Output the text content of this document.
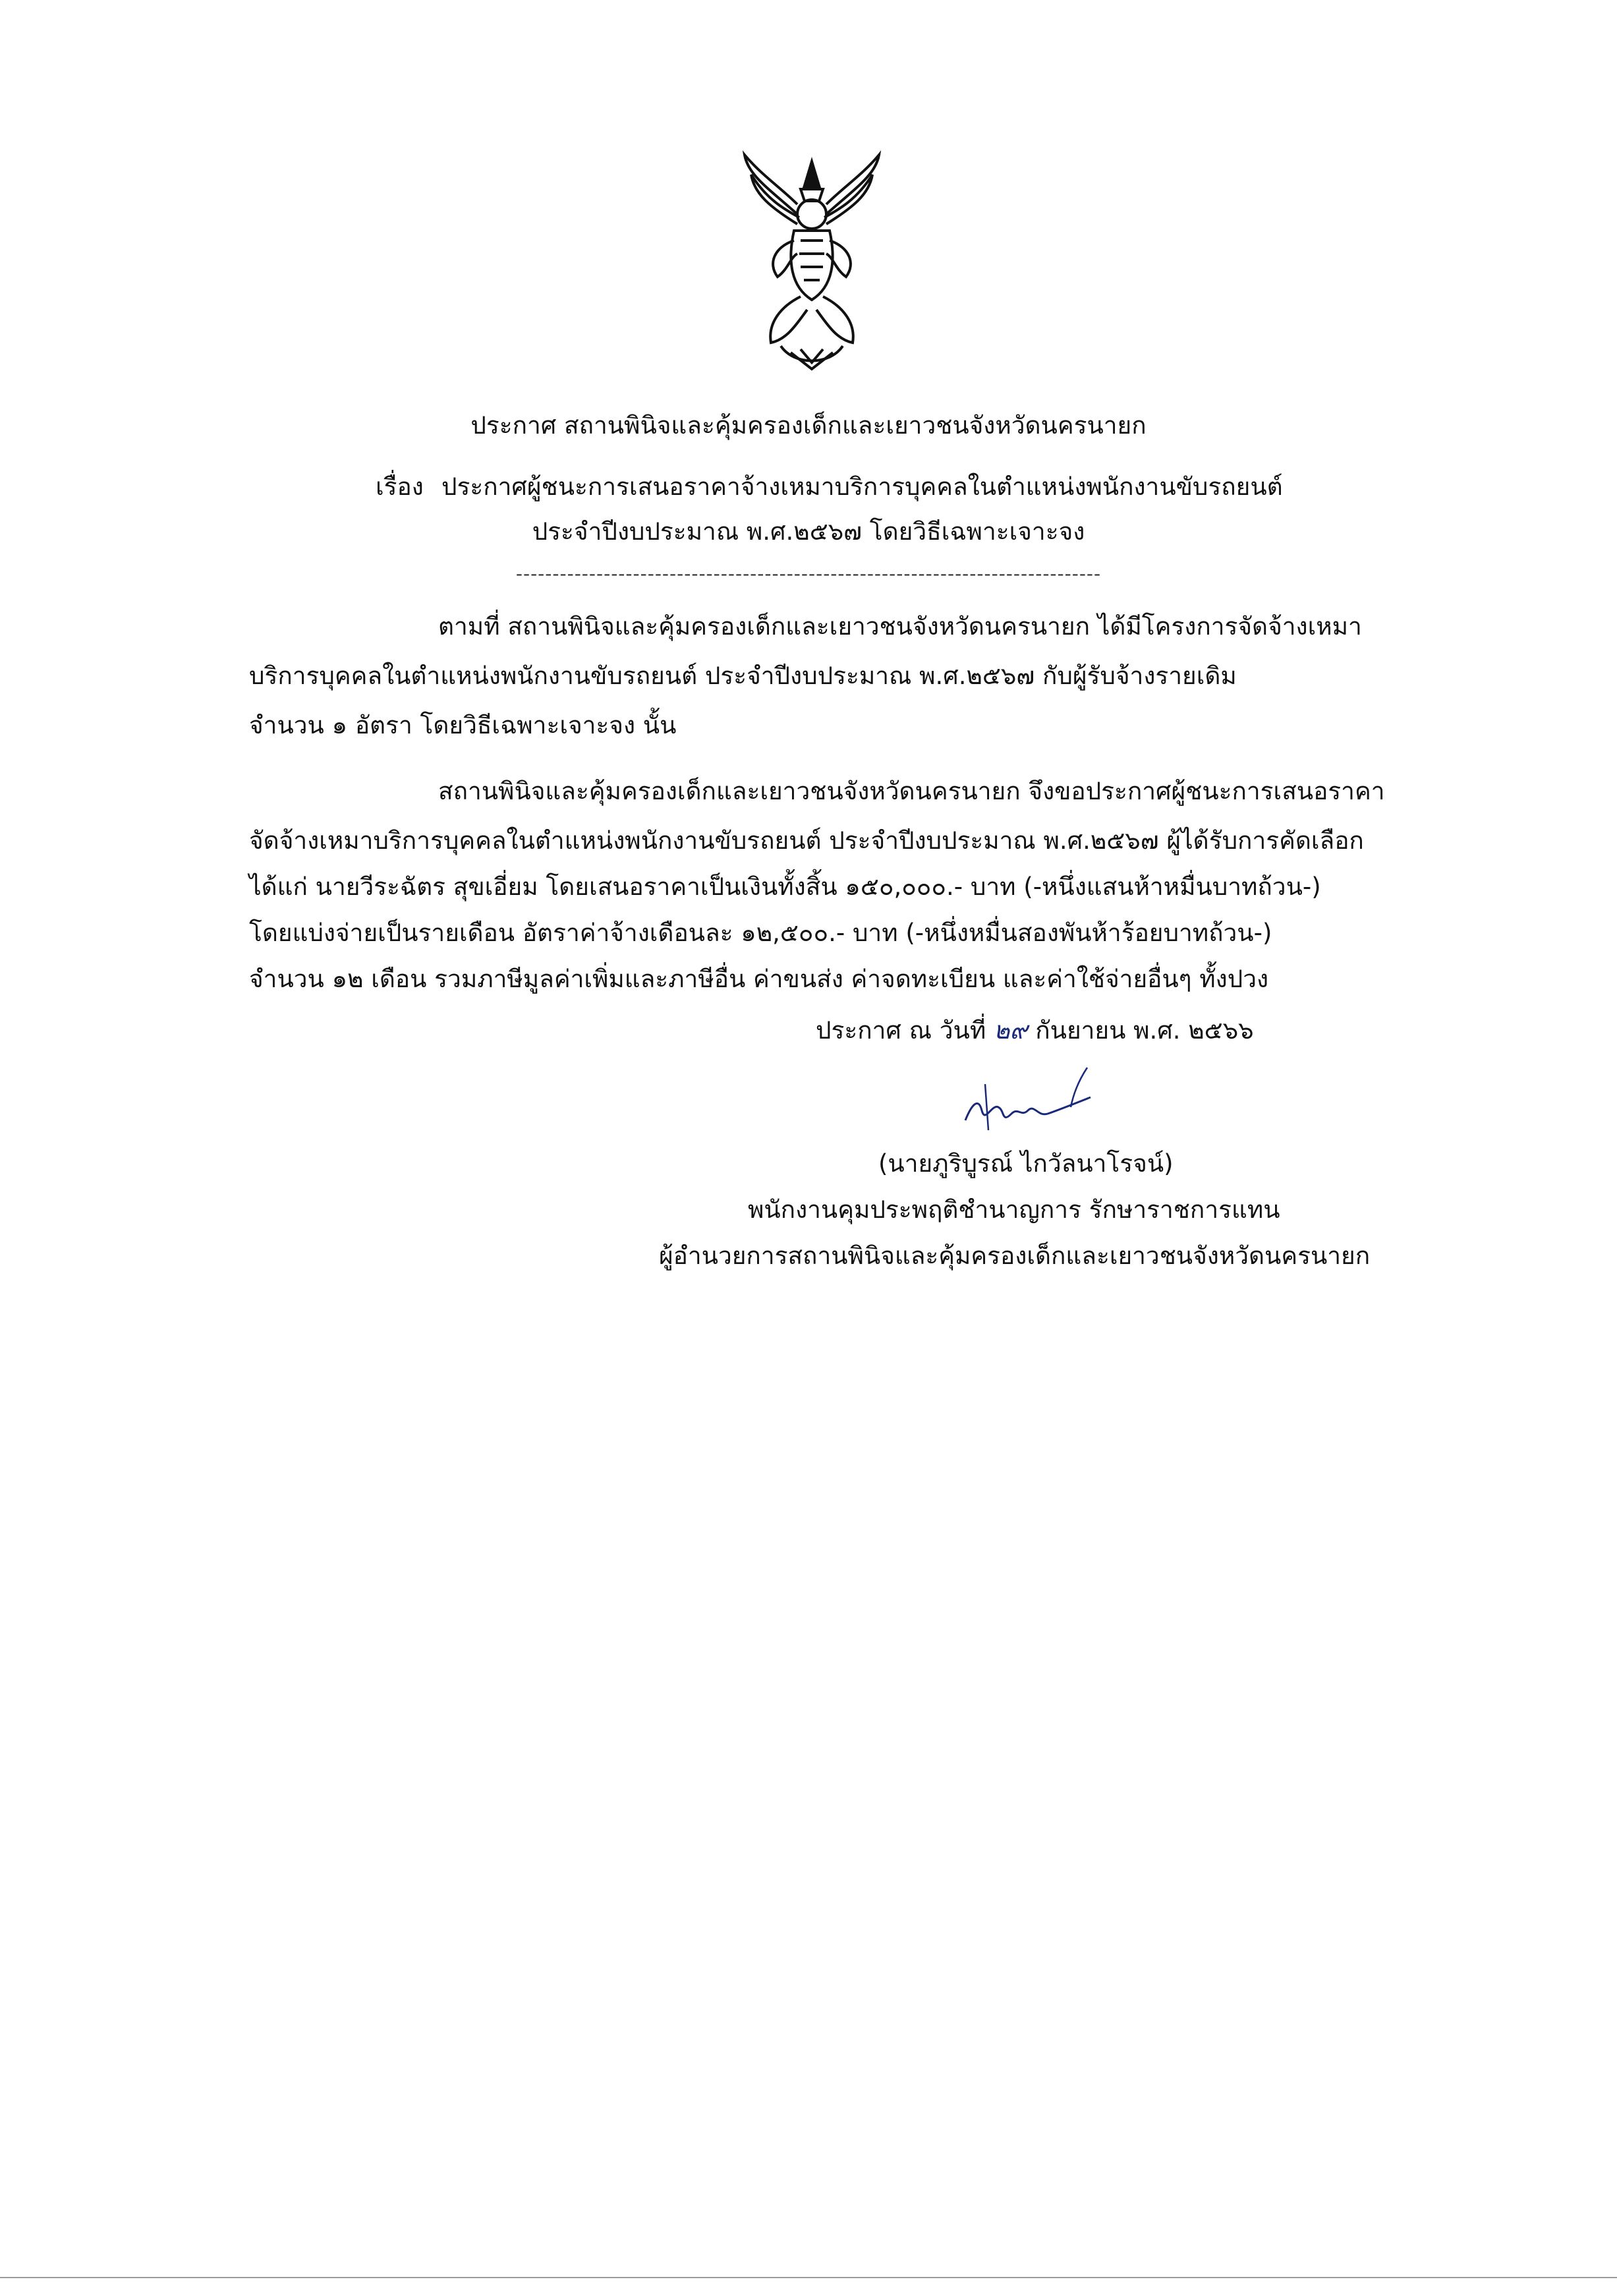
ประกาศ สถานพินิจและคุ้มครองเด็กและเยาวชนจังหวัดนครนายก
เรื่อง ประกาศผู้ชนะการเสนอราคาจ้างเหมาบริการบุคคลในตำแหน่งพนักงานขับรถยนต์
ประจำปีงบประมาณ พ.ศ.๒๕๖๗ โดยวิธีเฉพาะเจาะจง
--------------------------------------------------------------------------------
ตามที่ สถานพินิจและคุ้มครองเด็กและเยาวชนจังหวัดนครนายก ได้มีโครงการจัดจ้างเหมา
บริการบุคคลในตำแหน่งพนักงานขับรถยนต์ ประจำปีงบประมาณ พ.ศ.๒๕๖๗ กับผู้รับจ้างรายเดิม
จำนวน ๑ อัตรา โดยวิธีเฉพาะเจาะจง นั้น
สถานพินิจและคุ้มครองเด็กและเยาวชนจังหวัดนครนายก จึงขอประกาศผู้ชนะการเสนอราคา
จัดจ้างเหมาบริการบุคคลในตำแหน่งพนักงานขับรถยนต์ ประจำปีงบประมาณ พ.ศ.๒๕๖๗ ผู้ได้รับการคัดเลือก
ได้แก่ นายวีระฉัตร สุขเอี่ยม โดยเสนอราคาเป็นเงินทั้งสิ้น ๑๕๐,๐๐๐.- บาท (-หนึ่งแสนห้าหมื่นบาทถ้วน-)
โดยแบ่งจ่ายเป็นรายเดือน อัตราค่าจ้างเดือนละ ๑๒,๕๐๐.- บาท (-หนึ่งหมื่นสองพันห้าร้อยบาทถ้วน-)
จำนวน ๑๒ เดือน รวมภาษีมูลค่าเพิ่มและภาษีอื่น ค่าขนส่ง ค่าจดทะเบียน และค่าใช้จ่ายอื่นๆ ทั้งปวง
ประกาศ ณ วันที่ ๒๙ กันยายน พ.ศ. ๒๕๖๖
(นายภูริบูรณ์ ไกวัลนาโรจน์)
พนักงานคุมประพฤติชำนาญการ รักษาราชการแทน
ผู้อำนวยการสถานพินิจและคุ้มครองเด็กและเยาวชนจังหวัดนครนายก
